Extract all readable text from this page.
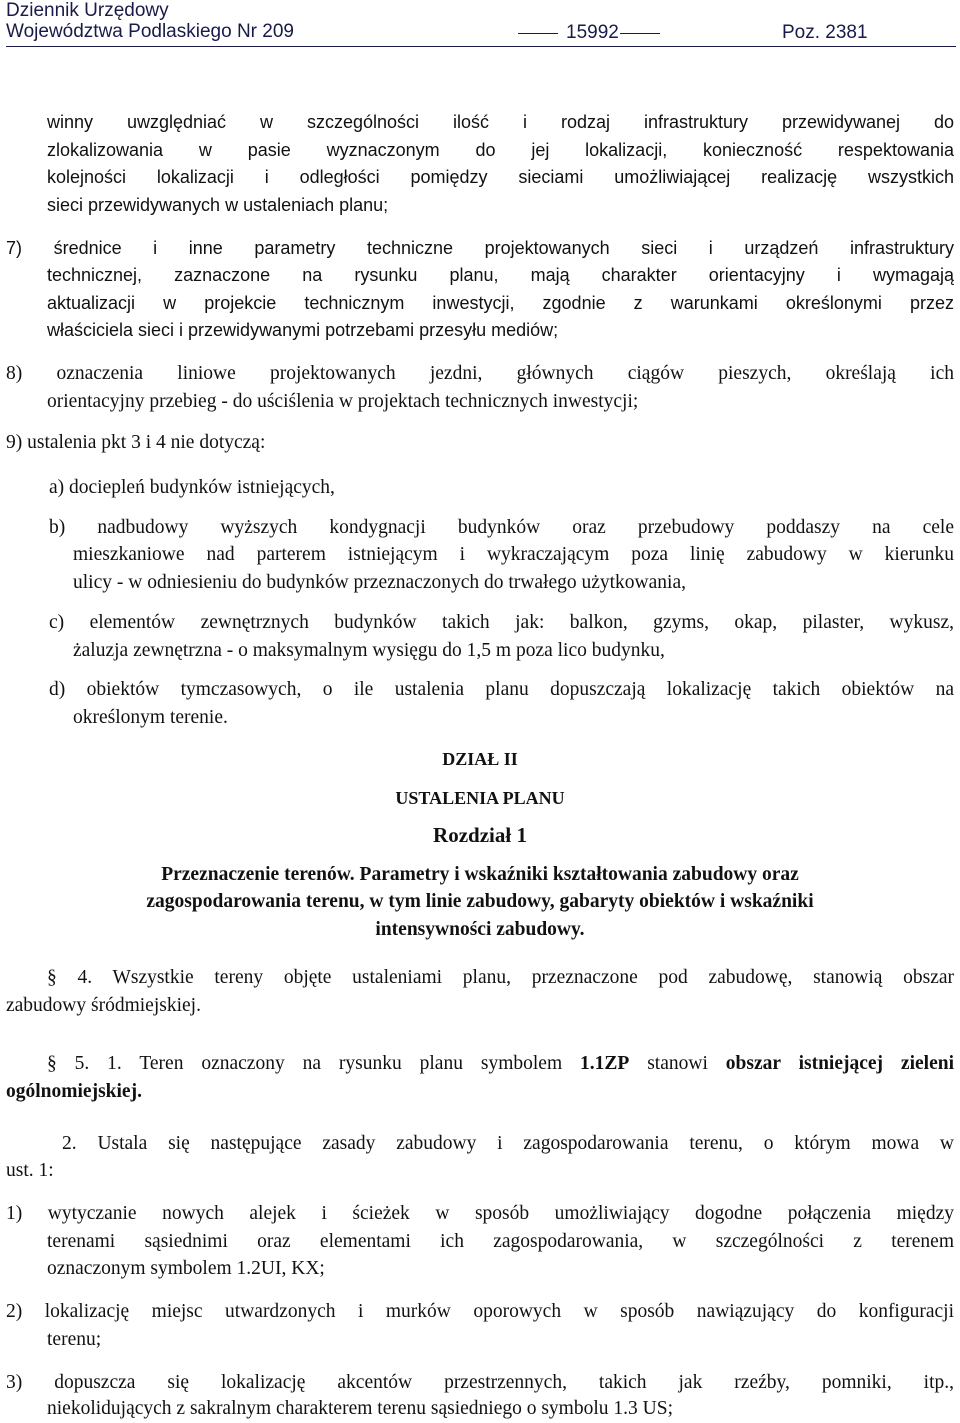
Dziennik Urzędowy
Województwa Podlaskiego Nr 209	15992	Poz. 2381
winny uwzględniać w szczególności ilość i rodzaj infrastruktury przewidywanej do
zlokalizowania w pasie wyznaczonym do jej lokalizacji, konieczność respektowania
kolejności lokalizacji i odległości pomiędzy sieciami umożliwiającej realizację wszystkich
sieci przewidywanych w ustaleniach planu;
7) średnice i inne parametry techniczne projektowanych sieci i urządzeń infrastruktury
technicznej, zaznaczone na rysunku planu, mają charakter orientacyjny i wymagają
aktualizacji w projekcie technicznym inwestycji, zgodnie z warunkami określonymi przez
właściciela sieci i przewidywanymi potrzebami przesyłu mediów;
8) oznaczenia liniowe projektowanych jezdni, głównych ciągów pieszych, określają ich
orientacyjny przebieg - do uściślenia w projektach technicznych inwestycji;
9) ustalenia pkt 3 i 4 nie dotyczą:
a) dociepleń budynków istniejących,
b) nadbudowy wyższych kondygnacji budynków oraz przebudowy poddaszy na cele
mieszkaniowe nad parterem istniejącym i wykraczającym poza linię zabudowy w kierunku
ulicy - w odniesieniu do budynków przeznaczonych do trwałego użytkowania,
c) elementów zewnętrznych budynków takich jak: balkon, gzyms, okap, pilaster, wykusz,
żaluzja zewnętrzna - o maksymalnym wysięgu do 1,5 m poza lico budynku,
d) obiektów tymczasowych, o ile ustalenia planu dopuszczają lokalizację takich obiektów na
określonym terenie.
DZIAŁ II
USTALENIA PLANU
Rozdział 1
Przeznaczenie terenów. Parametry i wskaźniki kształtowania zabudowy oraz
zagospodarowania terenu, w tym linie zabudowy, gabaryty obiektów i wskaźniki
intensywności zabudowy.
§ 4. Wszystkie tereny objęte ustaleniami planu, przeznaczone pod zabudowę, stanowią obszar
zabudowy śródmiejskiej.
§ 5. 1. Teren oznaczony na rysunku planu symbolem 1.1ZP stanowi obszar istniejącej zieleni
ogólnomiejskiej.
2. Ustala się następujące zasady zabudowy i zagospodarowania terenu, o którym mowa w
ust. 1:
1) wytyczanie nowych alejek i ścieżek w sposób umożliwiający dogodne połączenia między
terenami sąsiednimi oraz elementami ich zagospodarowania, w szczególności z terenem
oznaczonym symbolem 1.2UI, KX;
2) lokalizację miejsc utwardzonych i murków oporowych w sposób nawiązujący do konfiguracji
terenu;
3) dopuszcza się lokalizację akcentów przestrzennych, takich jak rzeźby, pomniki, itp.,
niekolidujących z sakralnym charakterem terenu sąsiedniego o symbolu 1.3 US;
